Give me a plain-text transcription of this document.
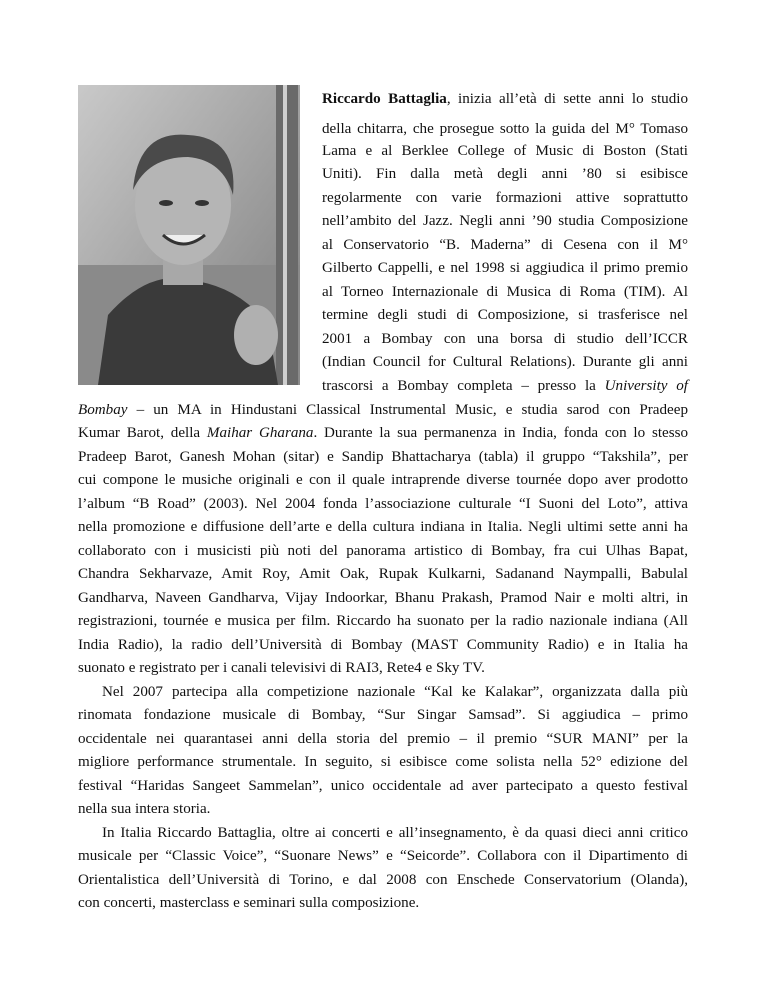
Riccardo Battaglia, inizia all’età di sette anni lo studio
della chitarra, che prosegue sotto la guida del M° Tomaso
Lama e al Berklee College of Music di Boston (Stati
Uniti). Fin dalla metà degli anni ’80 si esibisce
regolarmente con varie formazioni attive soprattutto
nell’ambito del Jazz. Negli anni ’90 studia Composizione
al Conservatorio “B. Maderna” di Cesena con il M°
Gilberto Cappelli, e nel 1998 si aggiudica il primo premio
al Torneo Internazionale di Musica di Roma (TIM). Al
termine degli studi di Composizione, si trasferisce nel
2001 a Bombay con una borsa di studio dell’ICCR
(Indian Council for Cultural Relations). Durante gli anni
trascorsi a Bombay completa – presso la University of
Bombay – un MA in Hindustani Classical Instrumental Music, e studia sarod con Pradeep
Kumar Barot, della Maihar Gharana. Durante la sua permanenza in India, fonda con lo stesso
Pradeep Barot, Ganesh Mohan (sitar) e Sandip Bhattacharya (tabla) il gruppo “Takshila”, per
cui compone le musiche originali e con il quale intraprende diverse tournée dopo aver prodotto
l’album “B Road” (2003). Nel 2004 fonda l’associazione culturale “I Suoni del Loto”, attiva
nella promozione e diffusione dell’arte e della cultura indiana in Italia. Negli ultimi sette anni ha
collaborato con i musicisti più noti del panorama artistico di Bombay, fra cui Ulhas Bapat,
Chandra Sekharvaze, Amit Roy, Amit Oak, Rupak Kulkarni, Sadanand Naympalli, Babulal
Gandharva, Naveen Gandharva, Vijay Indoorkar, Bhanu Prakash, Pramod Nair e molti altri, in
registrazioni, tournée e musica per film. Riccardo ha suonato per la radio nazionale indiana (All
India Radio), la radio dell’Università di Bombay (MAST Community Radio) e in Italia ha
suonato e registrato per i canali televisivi di RAI3, Rete4 e Sky TV.
Nel 2007 partecipa alla competizione nazionale “Kal ke Kalakar”, organizzata dalla più
rinomata fondazione musicale di Bombay, “Sur Singar Samsad”. Si aggiudica – primo
occidentale nei quarantasei anni della storia del premio – il premio “SUR MANI” per la
migliore performance strumentale. In seguito, si esibisce come solista nella 52° edizione del
festival “Haridas Sangeet Sammelan”, unico occidentale ad aver partecipato a questo festival
nella sua intera storia.
In Italia Riccardo Battaglia, oltre ai concerti e all’insegnamento, è da quasi dieci anni critico
musicale per “Classic Voice”, “Suonare News” e “Seicorde”. Collabora con il Dipartimento di
Orientalistica dell’Università di Torino, e dal 2008 con Enschede Conservatorium (Olanda),
con concerti, masterclass e seminari sulla composizione.
